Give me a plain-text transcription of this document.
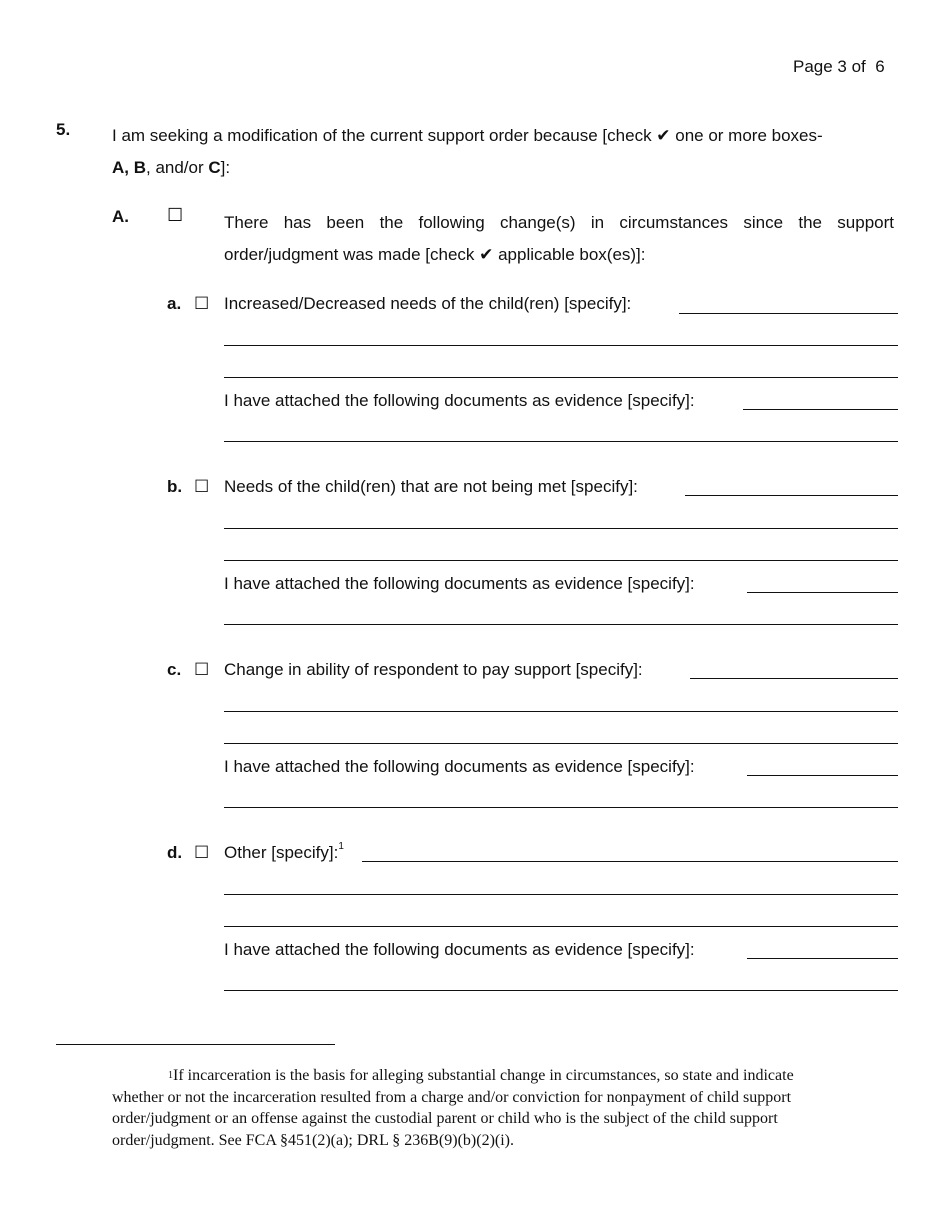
Page 3 of  6
5. I am seeking a modification of the current support order because [check ✔ one or more boxes-
A, B, and/or C]:
A. ☐ There has been the following change(s) in circumstances since the support order/judgment was made [check ✔ applicable box(es)]:
a. ☐ Increased/Decreased needs of the child(ren) [specify]:
I have attached the following documents as evidence [specify]:
b. ☐ Needs of the child(ren) that are not being met [specify]:
I have attached the following documents as evidence [specify]:
c. ☐ Change in ability of respondent to pay support [specify]:
I have attached the following documents as evidence [specify]:
d. ☐ Other [specify]:$^1$
I have attached the following documents as evidence [specify]:
$^1$If incarceration is the basis for alleging substantial change in circumstances, so state and indicate whether or not the incarceration resulted from a charge and/or conviction for nonpayment of child support order/judgment or an offense against the custodial parent or child who is the subject of the child support order/judgment. See FCA §451(2)(a); DRL § 236B(9)(b)(2)(i).
